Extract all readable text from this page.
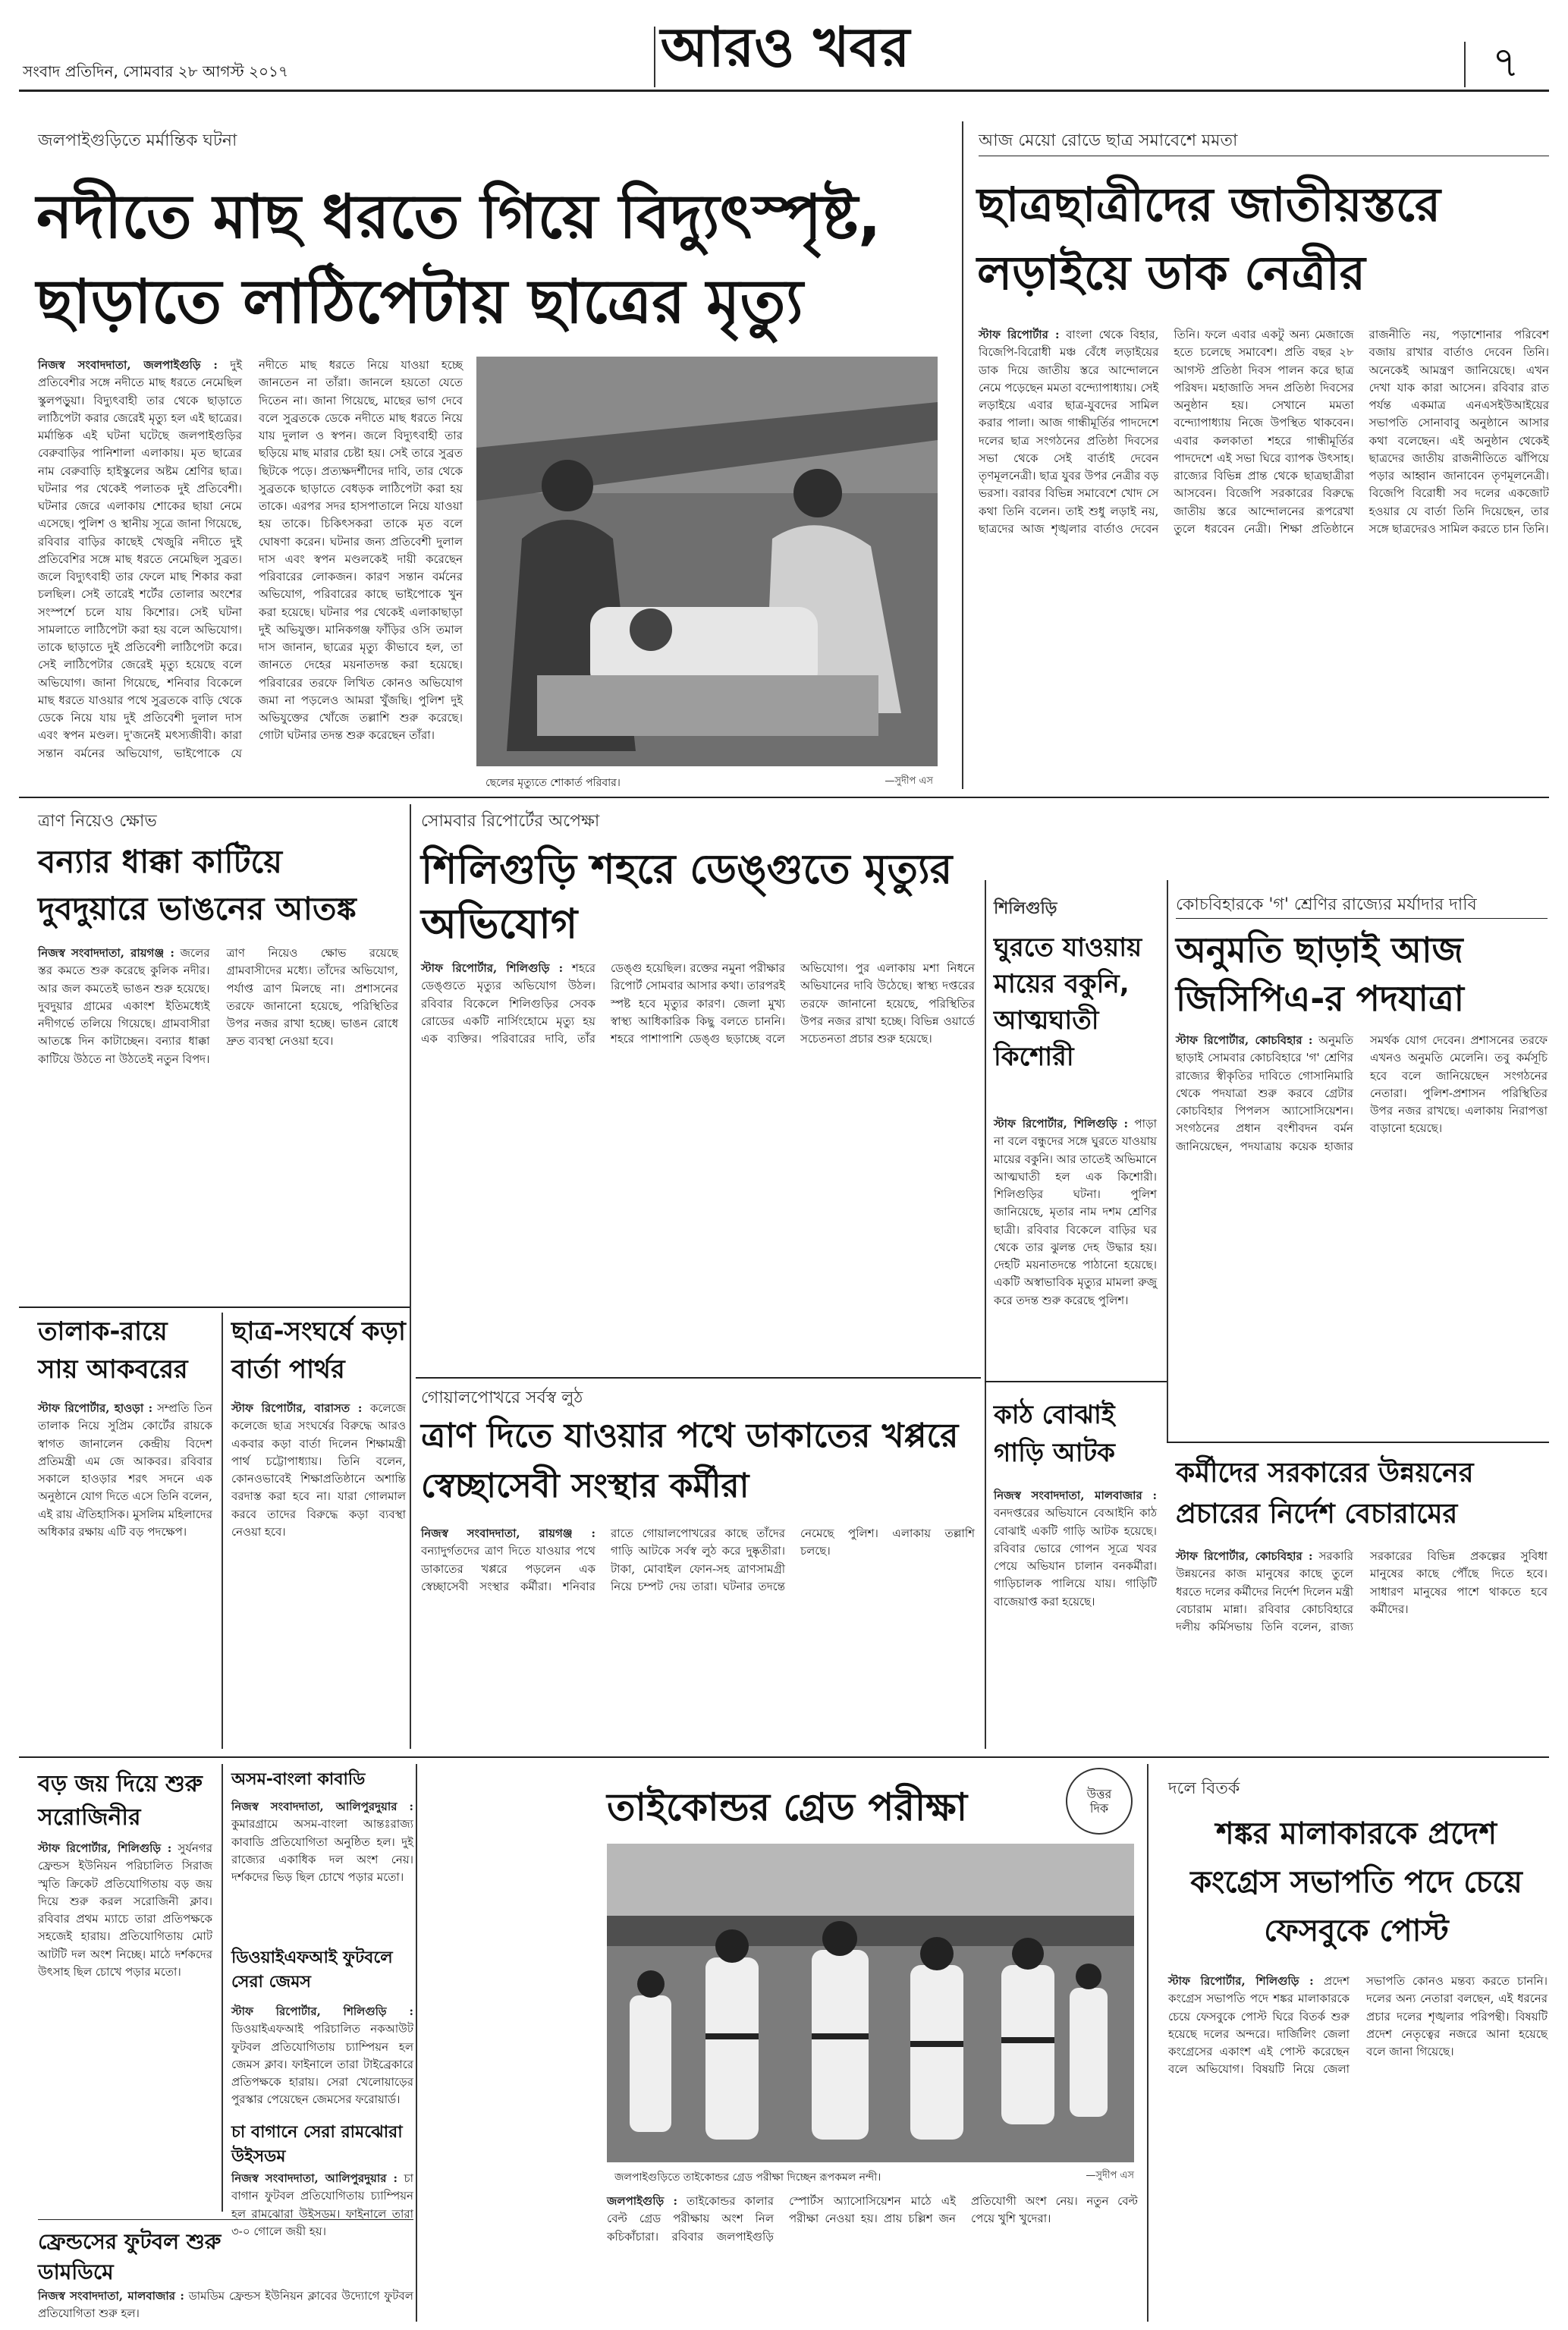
সংবাদ প্রতিদিন, সোমবার ২৮ আগস্ট ২০১৭	আরও খবর	৭
জলপাইগুড়িতে মর্মান্তিক ঘটনা
নদীতে মাছ ধরতে গিয়ে বিদ্যুৎস্পৃষ্ট, ছাড়াতে লাঠিপেটায় ছাত্রের মৃত্যু
নিজস্ব সংবাদদাতা, জলপাইগুড়ি : দুই প্রতিবেশীর সঙ্গে নদীতে মাছ ধরতে নেমেছিল স্কুলপড়ুয়া। বিদ্যুৎবাহী তার থেকে ছাড়াতে লাঠিপেটা করার জেরেই মৃত্যু হল এই ছাত্রের। মর্মান্তিক এই ঘটনা ঘটেছে জলপাইগুড়ির বেরুবাড়ির পানিশালা এলাকায়। মৃত ছাত্রের নাম বেরুবাড়ি হাইস্কুলের অষ্টম শ্রেণির ছাত্র। ঘটনার পর থেকেই পলাতক দুই প্রতিবেশী। ঘটনার জেরে এলাকায় শোকের ছায়া নেমে এসেছে। পুলিশ ও স্থানীয় সূত্রে জানা গিয়েছে, রবিবার বাড়ির কাছেই খেজুরি নদীতে দুই প্রতিবেশির সঙ্গে মাছ ধরতে নেমেছিল সুব্রত। জলে বিদ্যুৎবাহী তার ফেলে মাছ শিকার করা চলছিল। সেই তারেই শর্টের তোলার অংশের সংস্পর্শে চলে যায় কিশোর। সেই ঘটনা সামলাতে লাঠিপেটা করা হয় বলে অভিযোগ। তাকে ছাড়াতে দুই প্রতিবেশী লাঠিপেটা করে। সেই লাঠিপেটার জেরেই মৃত্যু হয়েছে বলে অভিযোগ। জানা গিয়েছে, শনিবার বিকেলে মাছ ধরতে যাওয়ার পথে সুব্রতকে বাড়ি থেকে ডেকে নিয়ে যায় দুই প্রতিবেশী দুলাল দাস এবং স্বপন মণ্ডল। দু'জনেই মৎস্যজীবী। কারা সন্তান বর্মনের অভিযোগ, ভাইপোকে যে নদীতে মাছ ধরতে নিয়ে যাওয়া হচ্ছে জানতেন না তাঁরা। জানলে হয়তো যেতে দিতেন না। জানা গিয়েছে, মাছের ভাগ দেবে বলে সুব্রতকে ডেকে নদীতে মাছ ধরতে নিয়ে যায় দুলাল ও স্বপন। জলে বিদ্যুৎবাহী তার ছড়িয়ে মাছ মারার চেষ্টা হয়। সেই তারে সুব্রত ছিটকে পড়ে। প্রত্যক্ষদর্শীদের দাবি, তার থেকে সুব্রতকে ছাড়াতে বেধড়ক লাঠিপেটা করা হয় তাকে। এরপর সদর হাসপাতালে নিয়ে যাওয়া হয় তাকে। চিকিৎসকরা তাকে মৃত বলে ঘোষণা করেন। ঘটনার জন্য প্রতিবেশী দুলাল দাস এবং স্বপন মণ্ডলকেই দায়ী করেছেন পরিবারের লোকজন। কারণ সন্তান বর্মনের অভিযোগ, পরিবারের কাছে ভাইপোকে খুন করা হয়েছে। ঘটনার পর থেকেই এলাকাছাড়া দুই অভিযুক্ত। মানিকগঞ্জ ফাঁড়ির ওসি তমাল দাস জানান, ছাত্রের মৃত্যু কীভাবে হল, তা জানতে দেহের ময়নাতদন্ত করা হয়েছে। পরিবারের তরফে লিখিত কোনও অভিযোগ জমা না পড়লেও আমরা খুঁজছি। পুলিশ দুই অভিযুক্তের খোঁজে তল্লাশি শুরু করেছে। গোটা ঘটনার তদন্ত শুরু করেছেন তাঁরা।
ছেলের মৃত্যুতে শোকার্ত পরিবার।	—সুদীপ এস
আজ মেয়ো রোডে ছাত্র সমাবেশে মমতা
ছাত্রছাত্রীদের জাতীয়স্তরে লড়াইয়ে ডাক নেত্রীর
স্টাফ রিপোর্টার : বাংলা থেকে বিহার, বিজেপি-বিরোধী মঞ্চ বেঁধে লড়াইয়ের ডাক দিয়ে জাতীয় স্তরে আন্দোলনে নেমে পড়েছেন মমতা বন্দ্যোপাধ্যায়। সেই লড়াইয়ে এবার ছাত্র-যুবদের সামিল করার পালা। আজ গান্ধীমূর্তির পাদদেশে দলের ছাত্র সংগঠনের প্রতিষ্ঠা দিবসের সভা থেকে সেই বার্তাই দেবেন তৃণমূলনেত্রী। ছাত্র যুবর উপর নেত্রীর বড় ভরসা। বরাবর বিভিন্ন সমাবেশে খোদ সে কথা তিনি বলেন। তাই শুধু লড়াই নয়, ছাত্রদের আজ শৃঙ্খলার বার্তাও দেবেন তিনি। ফলে এবার একটু অন্য মেজাজে হতে চলেছে সমাবেশ। প্রতি বছর ২৮ আগস্ট প্রতিষ্ঠা দিবস পালন করে ছাত্র পরিষদ। মহাজাতি সদন প্রতিষ্ঠা দিবসের অনুষ্ঠান হয়। সেখানে মমতা বন্দ্যোপাধ্যায় নিজে উপস্থিত থাকবেন। এবার কলকাতা শহরে গান্ধীমূর্তির পাদদেশে এই সভা ঘিরে ব্যাপক উৎসাহ। রাজ্যের বিভিন্ন প্রান্ত থেকে ছাত্রছাত্রীরা আসবেন। বিজেপি সরকারের বিরুদ্ধে জাতীয় স্তরে আন্দোলনের রূপরেখা তুলে ধরবেন নেত্রী। শিক্ষা প্রতিষ্ঠানে রাজনীতি নয়, পড়াশোনার পরিবেশ বজায় রাখার বার্তাও দেবেন তিনি। অনেকেই আমন্ত্রণ জানিয়েছে। এখন দেখা যাক কারা আসেন। রবিবার রাত পর্যন্ত একমাত্র এনএসইউআইয়ের সভাপতি সোনাবাবু অনুষ্ঠানে আসার কথা বলেছেন। এই অনুষ্ঠান থেকেই ছাত্রদের জাতীয় রাজনীতিতে ঝাঁপিয়ে পড়ার আহ্বান জানাবেন তৃণমূলনেত্রী। বিজেপি বিরোধী সব দলের একজোট হওয়ার যে বার্তা তিনি দিয়েছেন, তার সঙ্গে ছাত্রদেরও সামিল করতে চান তিনি।
ত্রাণ নিয়েও ক্ষোভ
বন্যার ধাক্কা কাটিয়ে দুবদুয়ারে ভাঙনের আতঙ্ক
নিজস্ব সংবাদদাতা, রায়গঞ্জ : জলের স্তর কমতে শুরু করেছে কুলিক নদীর। আর জল কমতেই ভাঙন শুরু হয়েছে। দুবদুয়ার গ্রামের একাংশ ইতিমধ্যেই নদীগর্ভে তলিয়ে গিয়েছে। গ্রামবাসীরা আতঙ্কে দিন কাটাচ্ছেন। বন্যার ধাক্কা কাটিয়ে উঠতে না উঠতেই নতুন বিপদ। ত্রাণ নিয়েও ক্ষোভ রয়েছে গ্রামবাসীদের মধ্যে। তাঁদের অভিযোগ, পর্যাপ্ত ত্রাণ মিলছে না। প্রশাসনের তরফে জানানো হয়েছে, পরিস্থিতির উপর নজর রাখা হচ্ছে। ভাঙন রোধে দ্রুত ব্যবস্থা নেওয়া হবে।
সোমবার রিপোর্টের অপেক্ষা
শিলিগুড়ি শহরে ডেঙ্গুতে মৃত্যুর অভিযোগ
স্টাফ রিপোর্টার, শিলিগুড়ি : শহরে ডেঙ্গুতে মৃত্যুর অভিযোগ উঠল। রবিবার বিকেলে শিলিগুড়ির সেবক রোডের একটি নার্সিংহোমে মৃত্যু হয় এক ব্যক্তির। পরিবারের দাবি, তাঁর ডেঙ্গু হয়েছিল। রক্তের নমুনা পরীক্ষার রিপোর্ট সোমবার আসার কথা। তারপরই স্পষ্ট হবে মৃত্যুর কারণ। জেলা মুখ্য স্বাস্থ্য আধিকারিক কিছু বলতে চাননি। শহরে পাশাপাশি ডেঙ্গু ছড়াচ্ছে বলে অভিযোগ। পুর এলাকায় মশা নিধনে অভিযানের দাবি উঠেছে। স্বাস্থ্য দপ্তরের তরফে জানানো হয়েছে, পরিস্থিতির উপর নজর রাখা হচ্ছে। বিভিন্ন ওয়ার্ডে সচেতনতা প্রচার শুরু হয়েছে।
শিলিগুড়ি
ঘুরতে যাওয়ায় মায়ের বকুনি, আত্মঘাতী কিশোরী
স্টাফ রিপোর্টার, শিলিগুড়ি : পাড়া না বলে বন্ধুদের সঙ্গে ঘুরতে যাওয়ায় মায়ের বকুনি। আর তাতেই অভিমানে আত্মঘাতী হল এক কিশোরী। শিলিগুড়ির ঘটনা। পুলিশ জানিয়েছে, মৃতার নাম দশম শ্রেণির ছাত্রী। রবিবার বিকেলে বাড়ির ঘর থেকে তার ঝুলন্ত দেহ উদ্ধার হয়। দেহটি ময়নাতদন্তে পাঠানো হয়েছে। একটি অস্বাভাবিক মৃত্যুর মামলা রুজু করে তদন্ত শুরু করেছে পুলিশ।
কোচবিহারকে 'গ' শ্রেণির রাজ্যের মর্যাদার দাবি
অনুমতি ছাড়াই আজ জিসিপিএ-র পদযাত্রা
স্টাফ রিপোর্টার, কোচবিহার : অনুমতি ছাড়াই সোমবার কোচবিহারে 'গ' শ্রেণির রাজ্যের স্বীকৃতির দাবিতে গোসানিমারি থেকে পদযাত্রা শুরু করবে গ্রেটার কোচবিহার পিপলস অ্যাসোসিয়েশন। সংগঠনের প্রধান বংশীবদন বর্মন জানিয়েছেন, পদযাত্রায় কয়েক হাজার সমর্থক যোগ দেবেন। প্রশাসনের তরফে এখনও অনুমতি মেলেনি। তবু কর্মসূচি হবে বলে জানিয়েছেন সংগঠনের নেতারা। পুলিশ-প্রশাসন পরিস্থিতির উপর নজর রাখছে। এলাকায় নিরাপত্তা বাড়ানো হয়েছে।
তালাক-রায়ে সায় আকবরের
স্টাফ রিপোর্টার, হাওড়া : সম্প্রতি তিন তালাক নিয়ে সুপ্রিম কোর্টের রায়কে স্বাগত জানালেন কেন্দ্রীয় বিদেশ প্রতিমন্ত্রী এম জে আকবর। রবিবার সকালে হাওড়ার শরৎ সদনে এক অনুষ্ঠানে যোগ দিতে এসে তিনি বলেন, এই রায় ঐতিহাসিক। মুসলিম মহিলাদের অধিকার রক্ষায় এটি বড় পদক্ষেপ।
ছাত্র-সংঘর্ষে কড়া বার্তা পার্থর
স্টাফ রিপোর্টার, বারাসত : কলেজে কলেজে ছাত্র সংঘর্ষের বিরুদ্ধে আরও একবার কড়া বার্তা দিলেন শিক্ষামন্ত্রী পার্থ চট্টোপাধ্যায়। তিনি বলেন, কোনওভাবেই শিক্ষাপ্রতিষ্ঠানে অশান্তি বরদাস্ত করা হবে না। যারা গোলমাল করবে তাদের বিরুদ্ধে কড়া ব্যবস্থা নেওয়া হবে।
গোয়ালপোখরে সর্বস্ব লুঠ
ত্রাণ দিতে যাওয়ার পথে ডাকাতের খপ্পরে স্বেচ্ছাসেবী সংস্থার কর্মীরা
নিজস্ব সংবাদদাতা, রায়গঞ্জ : বন্যাদুর্গতদের ত্রাণ দিতে যাওয়ার পথে ডাকাতের খপ্পরে পড়লেন এক স্বেচ্ছাসেবী সংস্থার কর্মীরা। শনিবার রাতে গোয়ালপোখরের কাছে তাঁদের গাড়ি আটকে সর্বস্ব লুঠ করে দুষ্কৃতীরা। টাকা, মোবাইল ফোন-সহ ত্রাণসামগ্রী নিয়ে চম্পট দেয় তারা। ঘটনার তদন্তে নেমেছে পুলিশ। এলাকায় তল্লাশি চলছে।
কাঠ বোঝাই গাড়ি আটক
নিজস্ব সংবাদদাতা, মালবাজার : বনদপ্তরের অভিযানে বেআইনি কাঠ বোঝাই একটি গাড়ি আটক হয়েছে। রবিবার ভোরে গোপন সূত্রে খবর পেয়ে অভিযান চালান বনকর্মীরা। গাড়িচালক পালিয়ে যায়। গাড়িটি বাজেয়াপ্ত করা হয়েছে।
কর্মীদের সরকারের উন্নয়নের প্রচারের নির্দেশ বেচারামের
স্টাফ রিপোর্টার, কোচবিহার : সরকারি উন্নয়নের কাজ মানুষের কাছে তুলে ধরতে দলের কর্মীদের নির্দেশ দিলেন মন্ত্রী বেচারাম মান্না। রবিবার কোচবিহারে দলীয় কর্মিসভায় তিনি বলেন, রাজ্য সরকারের বিভিন্ন প্রকল্পের সুবিধা মানুষের কাছে পৌঁছে দিতে হবে। সাধারণ মানুষের পাশে থাকতে হবে কর্মীদের।
বড় জয় দিয়ে শুরু সরোজিনীর
স্টাফ রিপোর্টার, শিলিগুড়ি : সুর্যনগর ফ্রেন্ডস ইউনিয়ন পরিচালিত সিরাজ স্মৃতি ক্রিকেট প্রতিযোগিতায় বড় জয় দিয়ে শুরু করল সরোজিনী ক্লাব। রবিবার প্রথম ম্যাচে তারা প্রতিপক্ষকে সহজেই হারায়। প্রতিযোগিতায় মোট আটটি দল অংশ নিচ্ছে। মাঠে দর্শকদের উৎসাহ ছিল চোখে পড়ার মতো।
ফ্রেন্ডসের ফুটবল শুরু ডামডিমে
নিজস্ব সংবাদদাতা, মালবাজার : ডামডিম ফ্রেন্ডস ইউনিয়ন ক্লাবের উদ্যোগে ফুটবল প্রতিযোগিতা শুরু হল।
অসম-বাংলা কাবাডি
নিজস্ব সংবাদদাতা, আলিপুরদুয়ার : কুমারগ্রামে অসম-বাংলা আন্তঃরাজ্য কাবাডি প্রতিযোগিতা অনুষ্ঠিত হল। দুই রাজ্যের একাধিক দল অংশ নেয়। দর্শকদের ভিড় ছিল চোখে পড়ার মতো।
ডিওয়াইএফআই ফুটবলে সেরা জেমস
স্টাফ রিপোর্টার, শিলিগুড়ি : ডিওয়াইএফআই পরিচালিত নকআউট ফুটবল প্রতিযোগিতায় চ্যাম্পিয়ন হল জেমস ক্লাব। ফাইনালে তারা টাইব্রেকারে প্রতিপক্ষকে হারায়। সেরা খেলোয়াড়ের পুরস্কার পেয়েছেন জেমসের ফরোয়ার্ড।
চা বাগানে সেরা রামঝোরা উইসডম
নিজস্ব সংবাদদাতা, আলিপুরদুয়ার : চা বাগান ফুটবল প্রতিযোগিতায় চ্যাম্পিয়ন হল রামঝোরা উইসডম। ফাইনালে তারা ৩-০ গোলে জয়ী হয়।
তাইকোন্ডর গ্রেড পরীক্ষা	উত্তর দিক
জলপাইগুড়িতে তাইকোন্ডর গ্রেড পরীক্ষা দিচ্ছেন রূপকমল নন্দী।	—সুদীপ এস
জলপাইগুড়ি : তাইকোন্ডর কালার বেল্ট গ্রেড পরীক্ষায় অংশ নিল কচিকাঁচারা। রবিবার জলপাইগুড়ি স্পোর্টস অ্যাসোসিয়েশন মাঠে এই পরীক্ষা নেওয়া হয়। প্রায় চল্লিশ জন প্রতিযোগী অংশ নেয়। নতুন বেল্ট পেয়ে খুশি খুদেরা।
দলে বিতর্ক
শঙ্কর মালাকারকে প্রদেশ কংগ্রেস সভাপতি পদে চেয়ে ফেসবুকে পোস্ট
স্টাফ রিপোর্টার, শিলিগুড়ি : প্রদেশ কংগ্রেস সভাপতি পদে শঙ্কর মালাকারকে চেয়ে ফেসবুকে পোস্ট ঘিরে বিতর্ক শুরু হয়েছে দলের অন্দরে। দার্জিলিং জেলা কংগ্রেসের একাংশ এই পোস্ট করেছেন বলে অভিযোগ। বিষয়টি নিয়ে জেলা সভাপতি কোনও মন্তব্য করতে চাননি। দলের অন্য নেতারা বলছেন, এই ধরনের প্রচার দলের শৃঙ্খলার পরিপন্থী। বিষয়টি প্রদেশ নেতৃত্বের নজরে আনা হয়েছে বলে জানা গিয়েছে।
